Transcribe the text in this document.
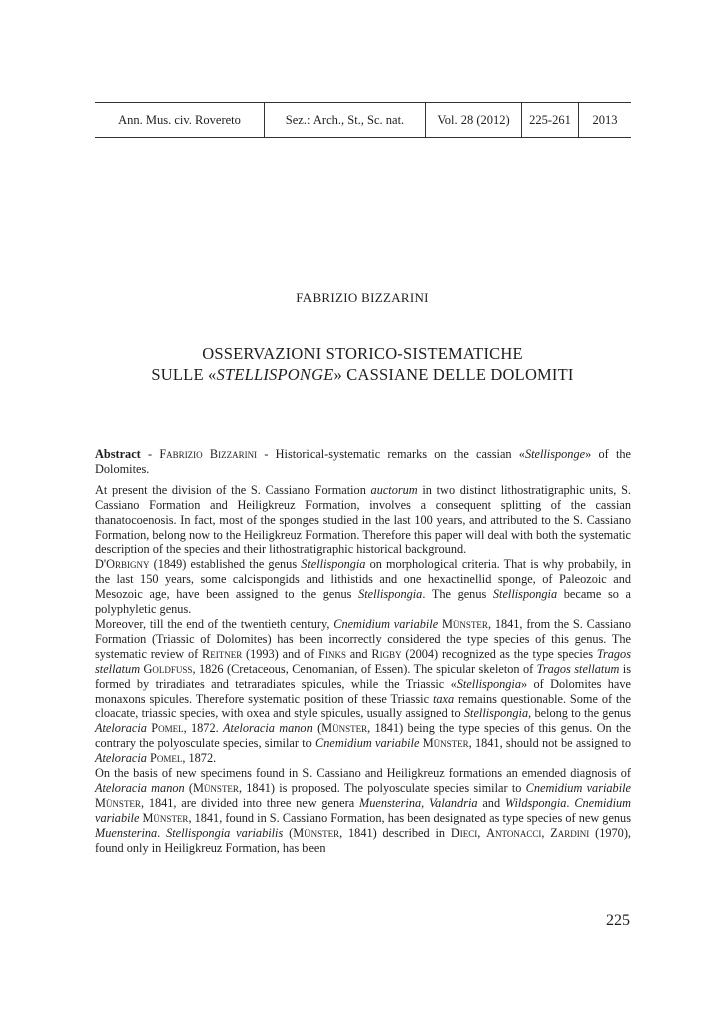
Ann. Mus. civ. Rovereto	Sez.: Arch., St., Sc. nat.	Vol. 28 (2012)	225-261	2013
FABRIZIO BIZZARINI
OSSERVAZIONI STORICO-SISTEMATICHE
SULLE «STELLISPONGE» CASSIANE DELLE DOLOMITI

Abstract - Fabrizio Bizzarini - Historical-systematic remarks on the cassian «Stellisponge» of the Dolomites.

At present the division of the S. Cassiano Formation auctorum in two distinct lithostratigraphic units, S. Cassiano Formation and Heiligkreuz Formation, involves a consequent splitting of the cassian thanatocoenosis. In fact, most of the sponges studied in the last 100 years, and attributed to the S. Cassiano Formation, belong now to the Heiligkreuz Formation. Therefore this paper will deal with both the systematic description of the species and their lithostratigraphic historical background.

D'Orbigny (1849) established the genus Stellispongia on morphological criteria. That is why probabily, in the last 150 years, some calcispongids and lithistids and one hexactinellid sponge, of Paleozoic and Mesozoic age, have been assigned to the genus Stellispongia. The genus Stellispongia became so a polyphyletic genus.

Moreover, till the end of the twentieth century, Cnemidium variabile Münster, 1841, from the S. Cassiano Formation (Triassic of Dolomites) has been incorrectly considered the type species of this genus. The systematic review of Reitner (1993) and of Finks and Rigby (2004) recognized as the type species Tragos stellatum Goldfuss, 1826 (Cretaceous, Cenomanian, of Essen). The spicular skeleton of Tragos stellatum is formed by triradiates and tetraradiates spicules, while the Triassic «Stellispongia» of Dolomites have monaxons spicules. Therefore systematic position of these Triassic taxa remains questionable. Some of the cloacate, triassic species, with oxea and style spicules, usually assigned to Stellispongia, belong to the genus Ateloracia Pomel, 1872. Ateloracia manon (Münster, 1841) being the type species of this genus. On the contrary the polyosculate species, similar to Cnemidium variabile Münster, 1841, should not be assigned to Ateloracia Pomel, 1872.

On the basis of new specimens found in S. Cassiano and Heiligkreuz formations an emended diagnosis of Ateloracia manon (Münster, 1841) is proposed. The polyosculate species similar to Cnemidium variabile Münster, 1841, are divided into three new genera Muensterina, Valandria and Wildspongia. Cnemidium variabile Münster, 1841, found in S. Cassiano Formation, has been designated as type species of new genus Muensterina. Stellispongia variabilis (Münster, 1841) described in Dieci, Antonacci, Zardini (1970), found only in Heiligkreuz Formation, has been

225
